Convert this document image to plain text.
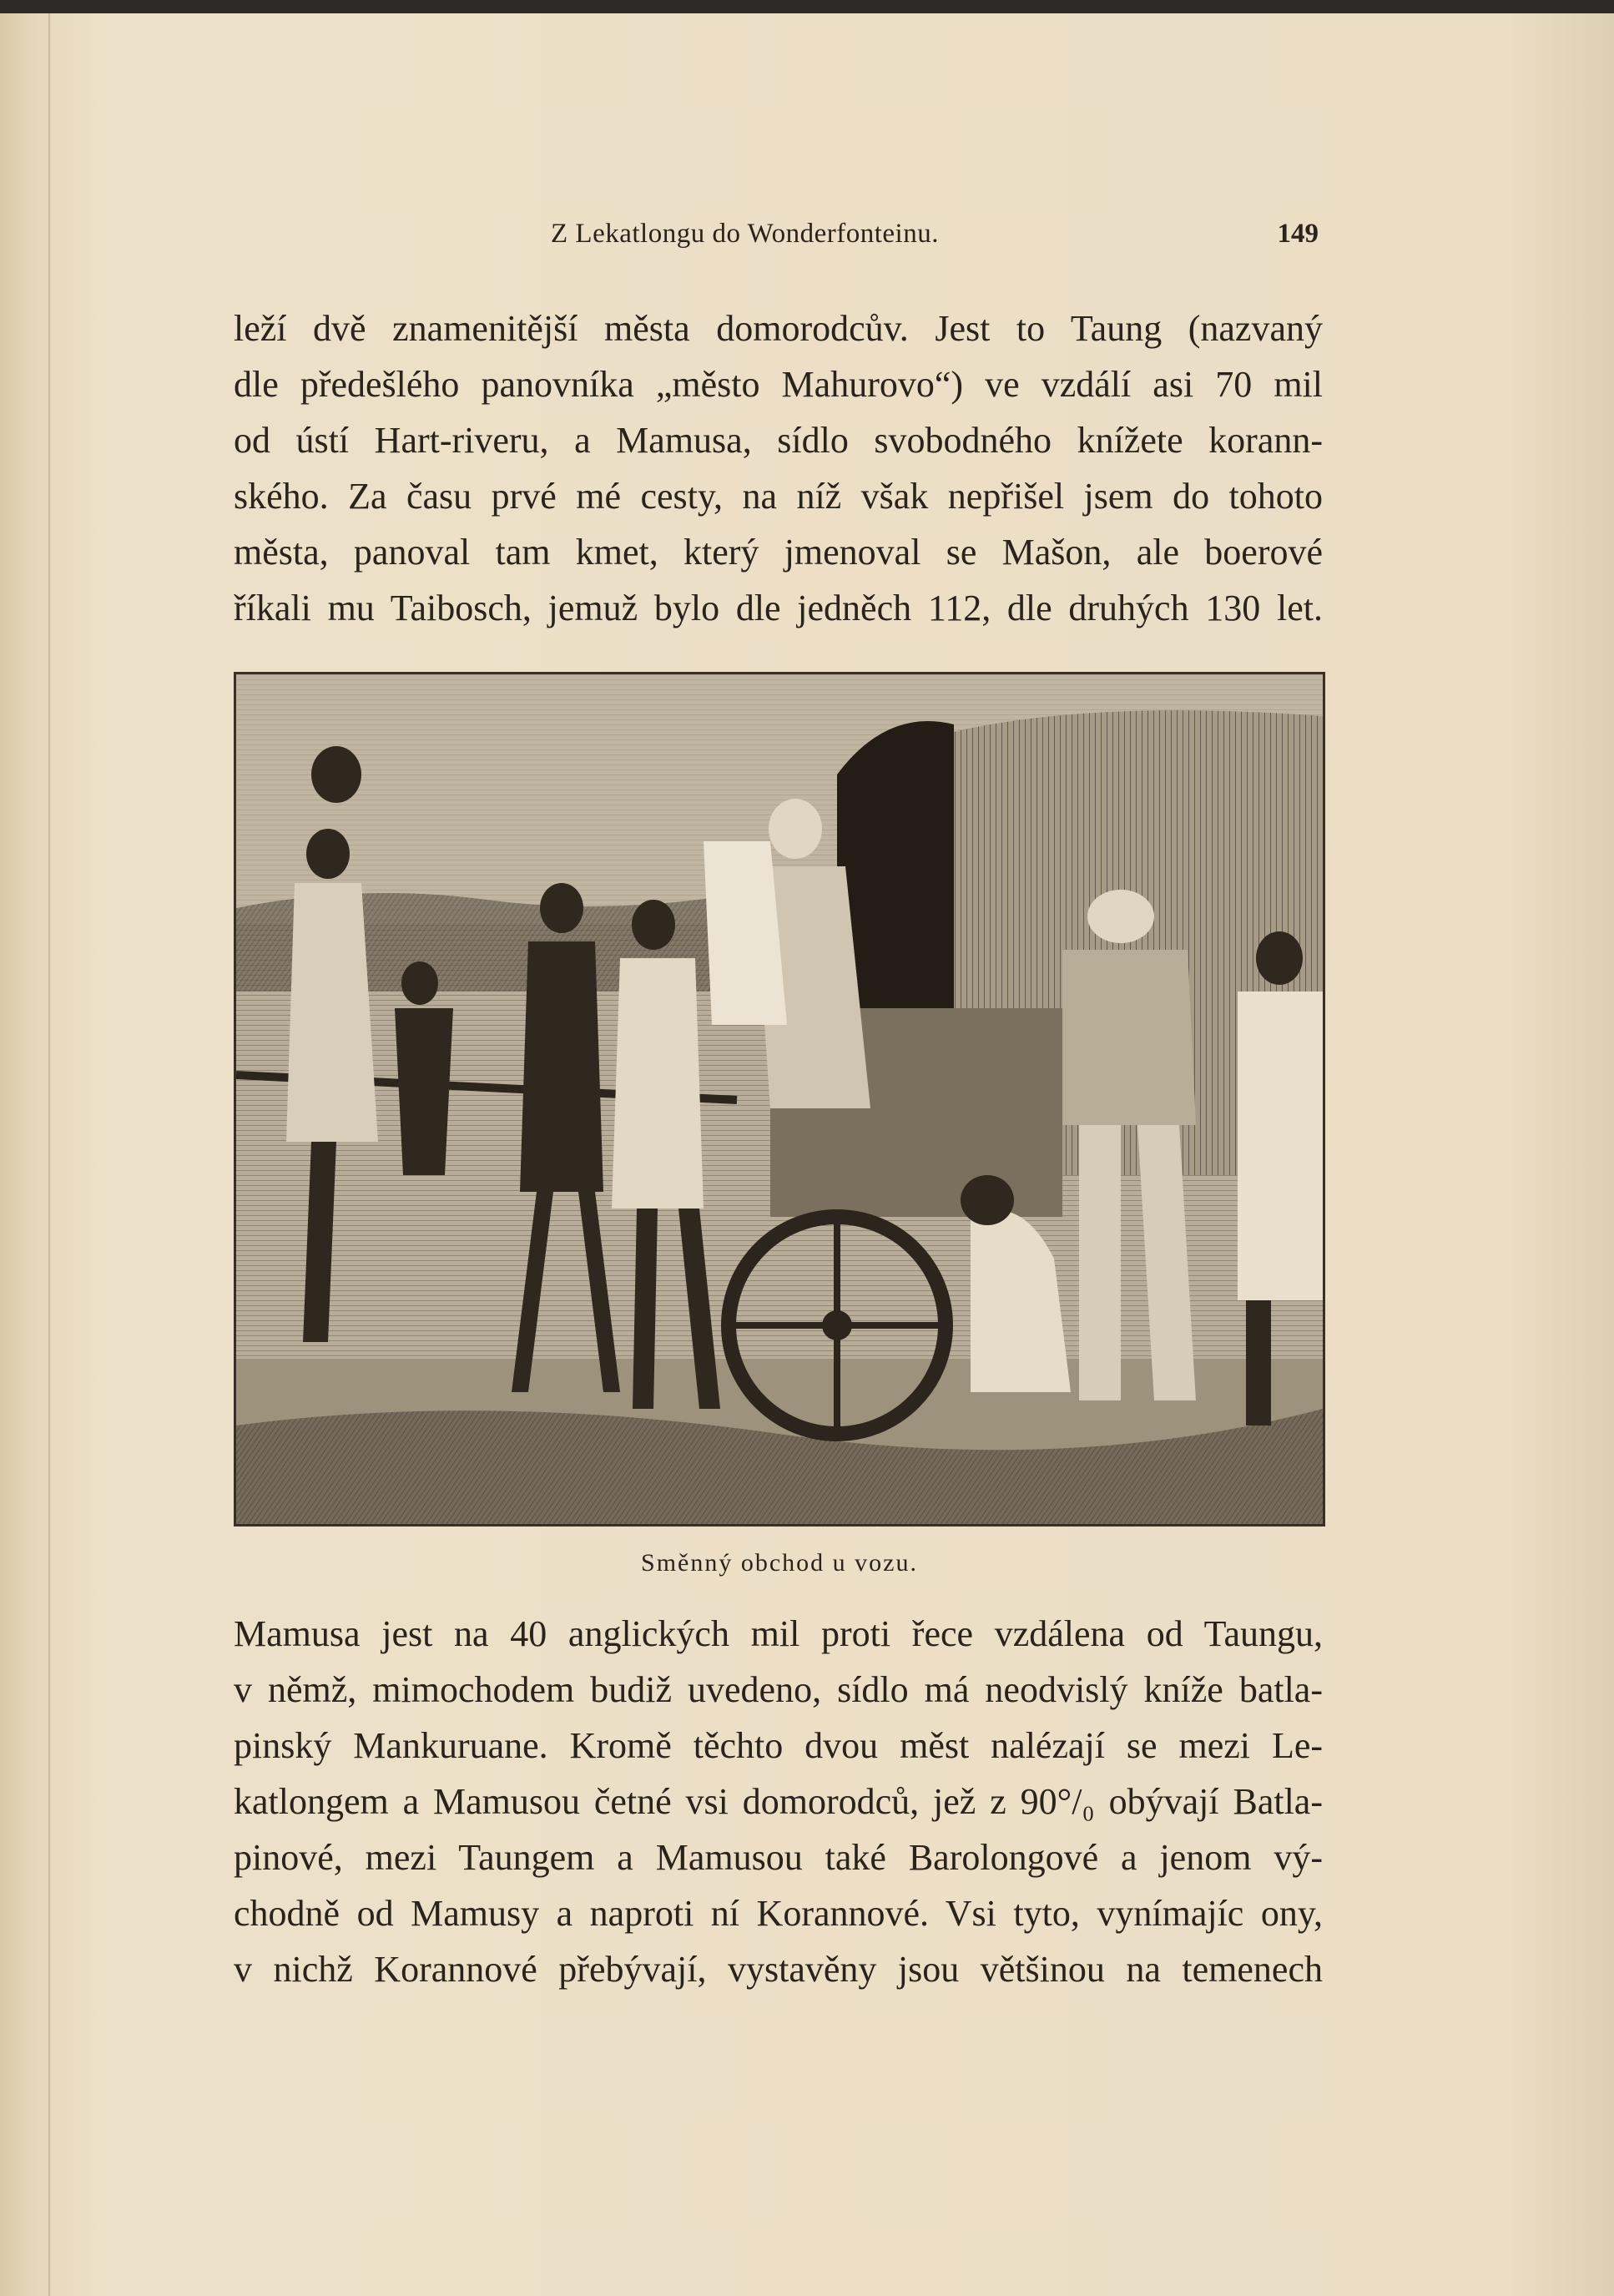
Z Lekatlongu do Wonderfonteinu.	149
leží dvě znamenitější města domorodcův. Jest to Taung (nazvaný
dle předešlého panovníka „město Mahurovo“) ve vzdálí asi 70 mil
od ústí Hart-riveru, a Mamusa, sídlo svobodného knížete korann-
ského. Za času prvé mé cesty, na níž však nepřišel jsem do tohoto
města, panoval tam kmet, který jmenoval se Mašon, ale boerové
říkali mu Taibosch, jemuž bylo dle jedněch 112, dle druhých 130 let.
Směnný obchod u vozu.
Mamusa jest na 40 anglických mil proti řece vzdálena od Taungu,
v němž, mimochodem budiž uvedeno, sídlo má neodvislý kníže batla-
pinský Mankuruane. Kromě těchto dvou měst nalézají se mezi Le-
katlongem a Mamusou četné vsi domorodců, jež z 90°/₀ obývají Batla-
pinové, mezi Taungem a Mamusou také Barolongové a jenom vý-
chodně od Mamusy a naproti ní Korannové. Vsi tyto, vynímajíc ony,
v nichž Korannové přebývají, vystavěny jsou většinou na temenech
